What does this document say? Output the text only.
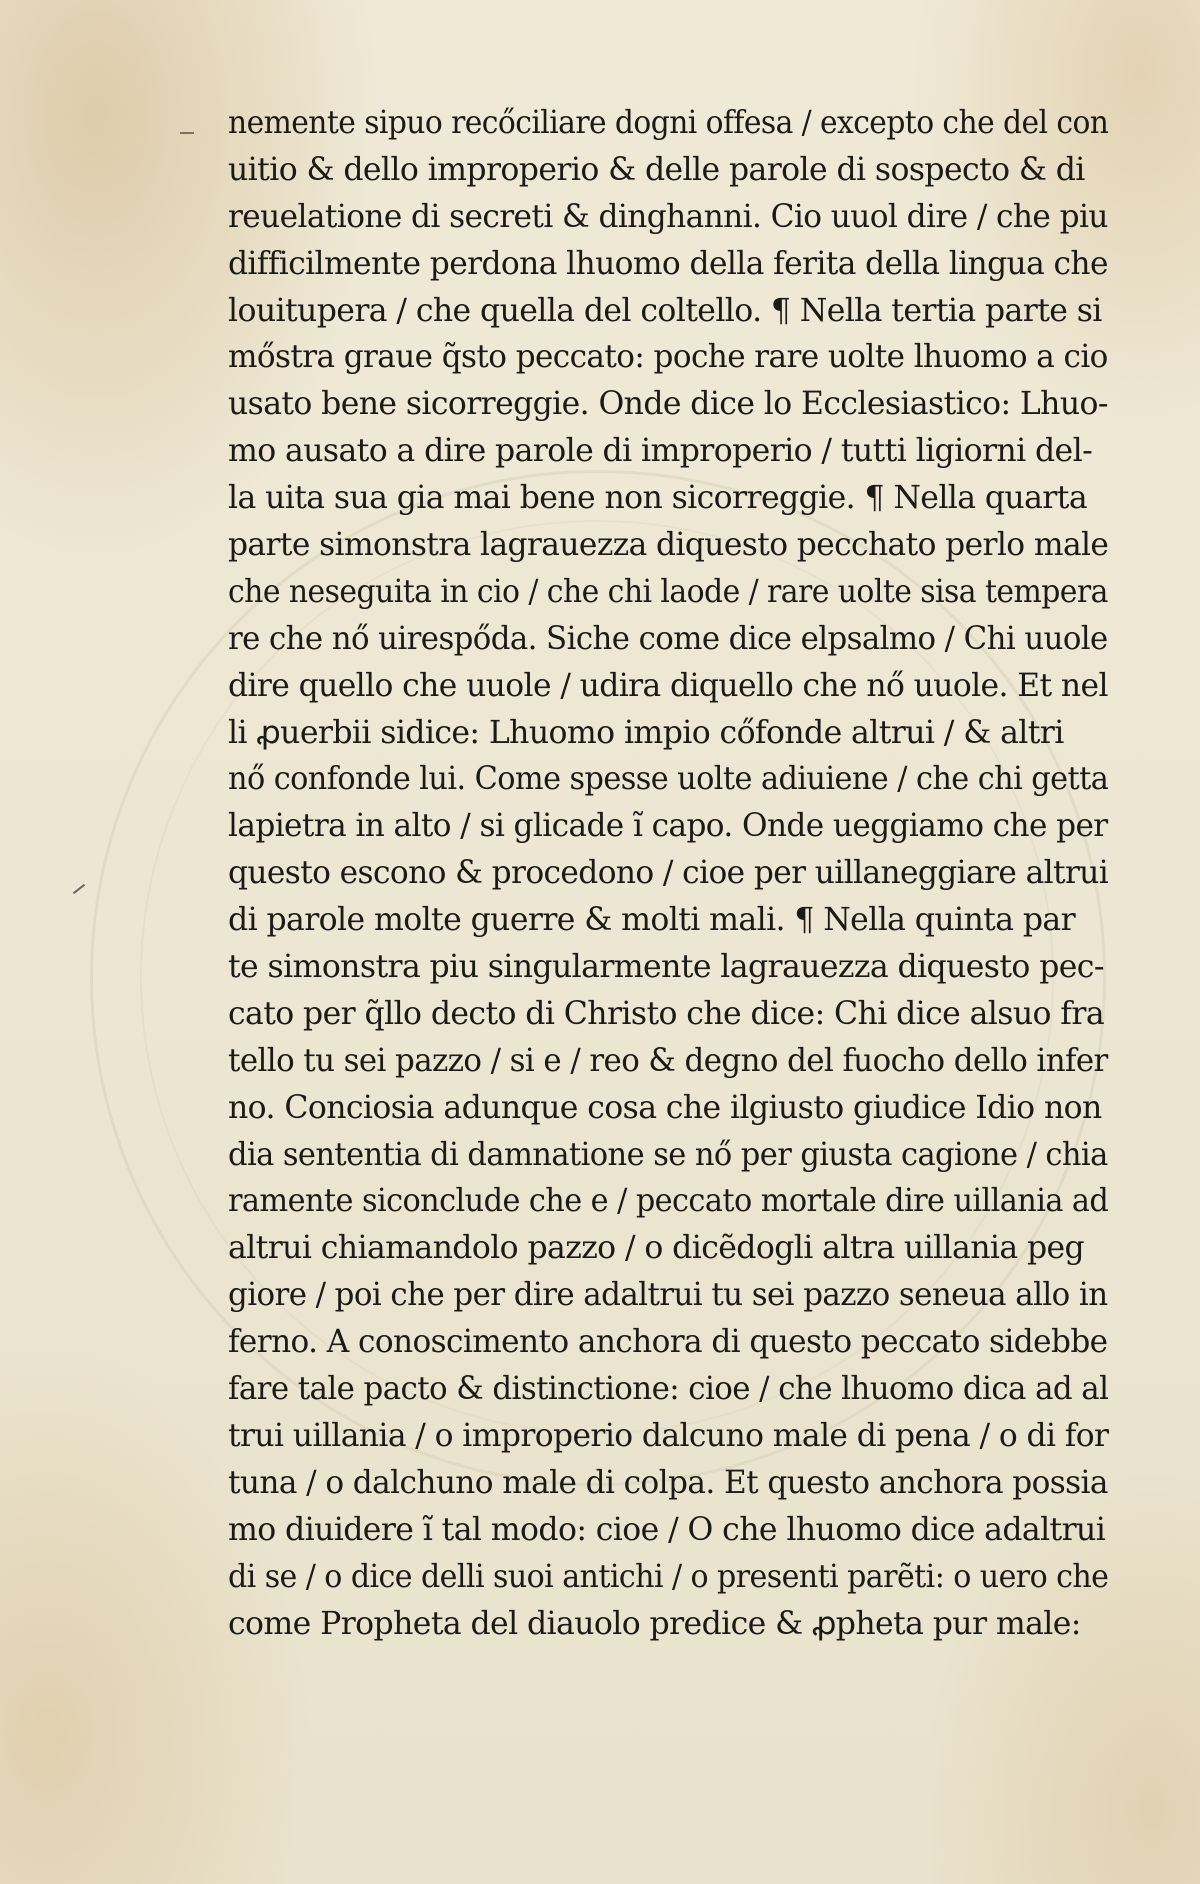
nemente sipuo recőciliare dogni offesa / excepto che del con
uitio & dello improperio & delle parole di sospecto & di
reuelatione di secreti & dinghanni. Cio uuol dire / che piu
difficilmente perdona lhuomo della ferita della lingua che
louitupera / che quella del coltello. ¶ Nella tertia parte si
mőstra graue q̃sto peccato: poche rare uolte lhuomo a cio
usato bene sicorreggie. Onde dice lo Ecclesiastico: Lhuo-
mo ausato a dire parole di improperio / tutti ligiorni del-
la uita sua gia mai bene non sicorreggie. ¶ Nella quarta
parte simonstra lagrauezza diquesto pecchato perlo male
che neseguita in cio / che chi laode / rare uolte sisa tempera
re che nő uirespőda. Siche come dice elpsalmo / Chi uuole
dire quello che uuole / udira diquello che nő uuole. Et nel
li ꝓuerbii sidice: Lhuomo impio cőfonde altrui / & altri
nő confonde lui. Come spesse uolte adiuiene / che chi getta
lapietra in alto / si glicade ĩ capo. Onde ueggiamo che per
questo escono & procedono / cioe per uillaneggiare altrui
di parole molte guerre & molti mali. ¶ Nella quinta par
te simonstra piu singularmente lagrauezza diquesto pec-
cato per q̃llo decto di Christo che dice: Chi dice alsuo fra
tello tu sei pazzo / si e / reo & degno del fuocho dello infer
no. Conciosia adunque cosa che ilgiusto giudice Idio non
dia sententia di damnatione se nő per giusta cagione / chia
ramente siconclude che e / peccato mortale dire uillania ad
altrui chiamandolo pazzo / o dicẽdogli altra uillania peg
giore / poi che per dire adaltrui tu sei pazzo seneua allo in
ferno. A conoscimento anchora di questo peccato sidebbe
fare tale pacto & distinctione: cioe / che lhuomo dica ad al
trui uillania / o improperio dalcuno male di pena / o di for
tuna / o dalchuno male di colpa. Et questo anchora possia
mo diuidere ĩ tal modo: cioe / O che lhuomo dice adaltrui
di se / o dice delli suoi antichi / o presenti parẽti: o uero che
come Prophеta del diauolo predice & ꝓpheta pur male:
